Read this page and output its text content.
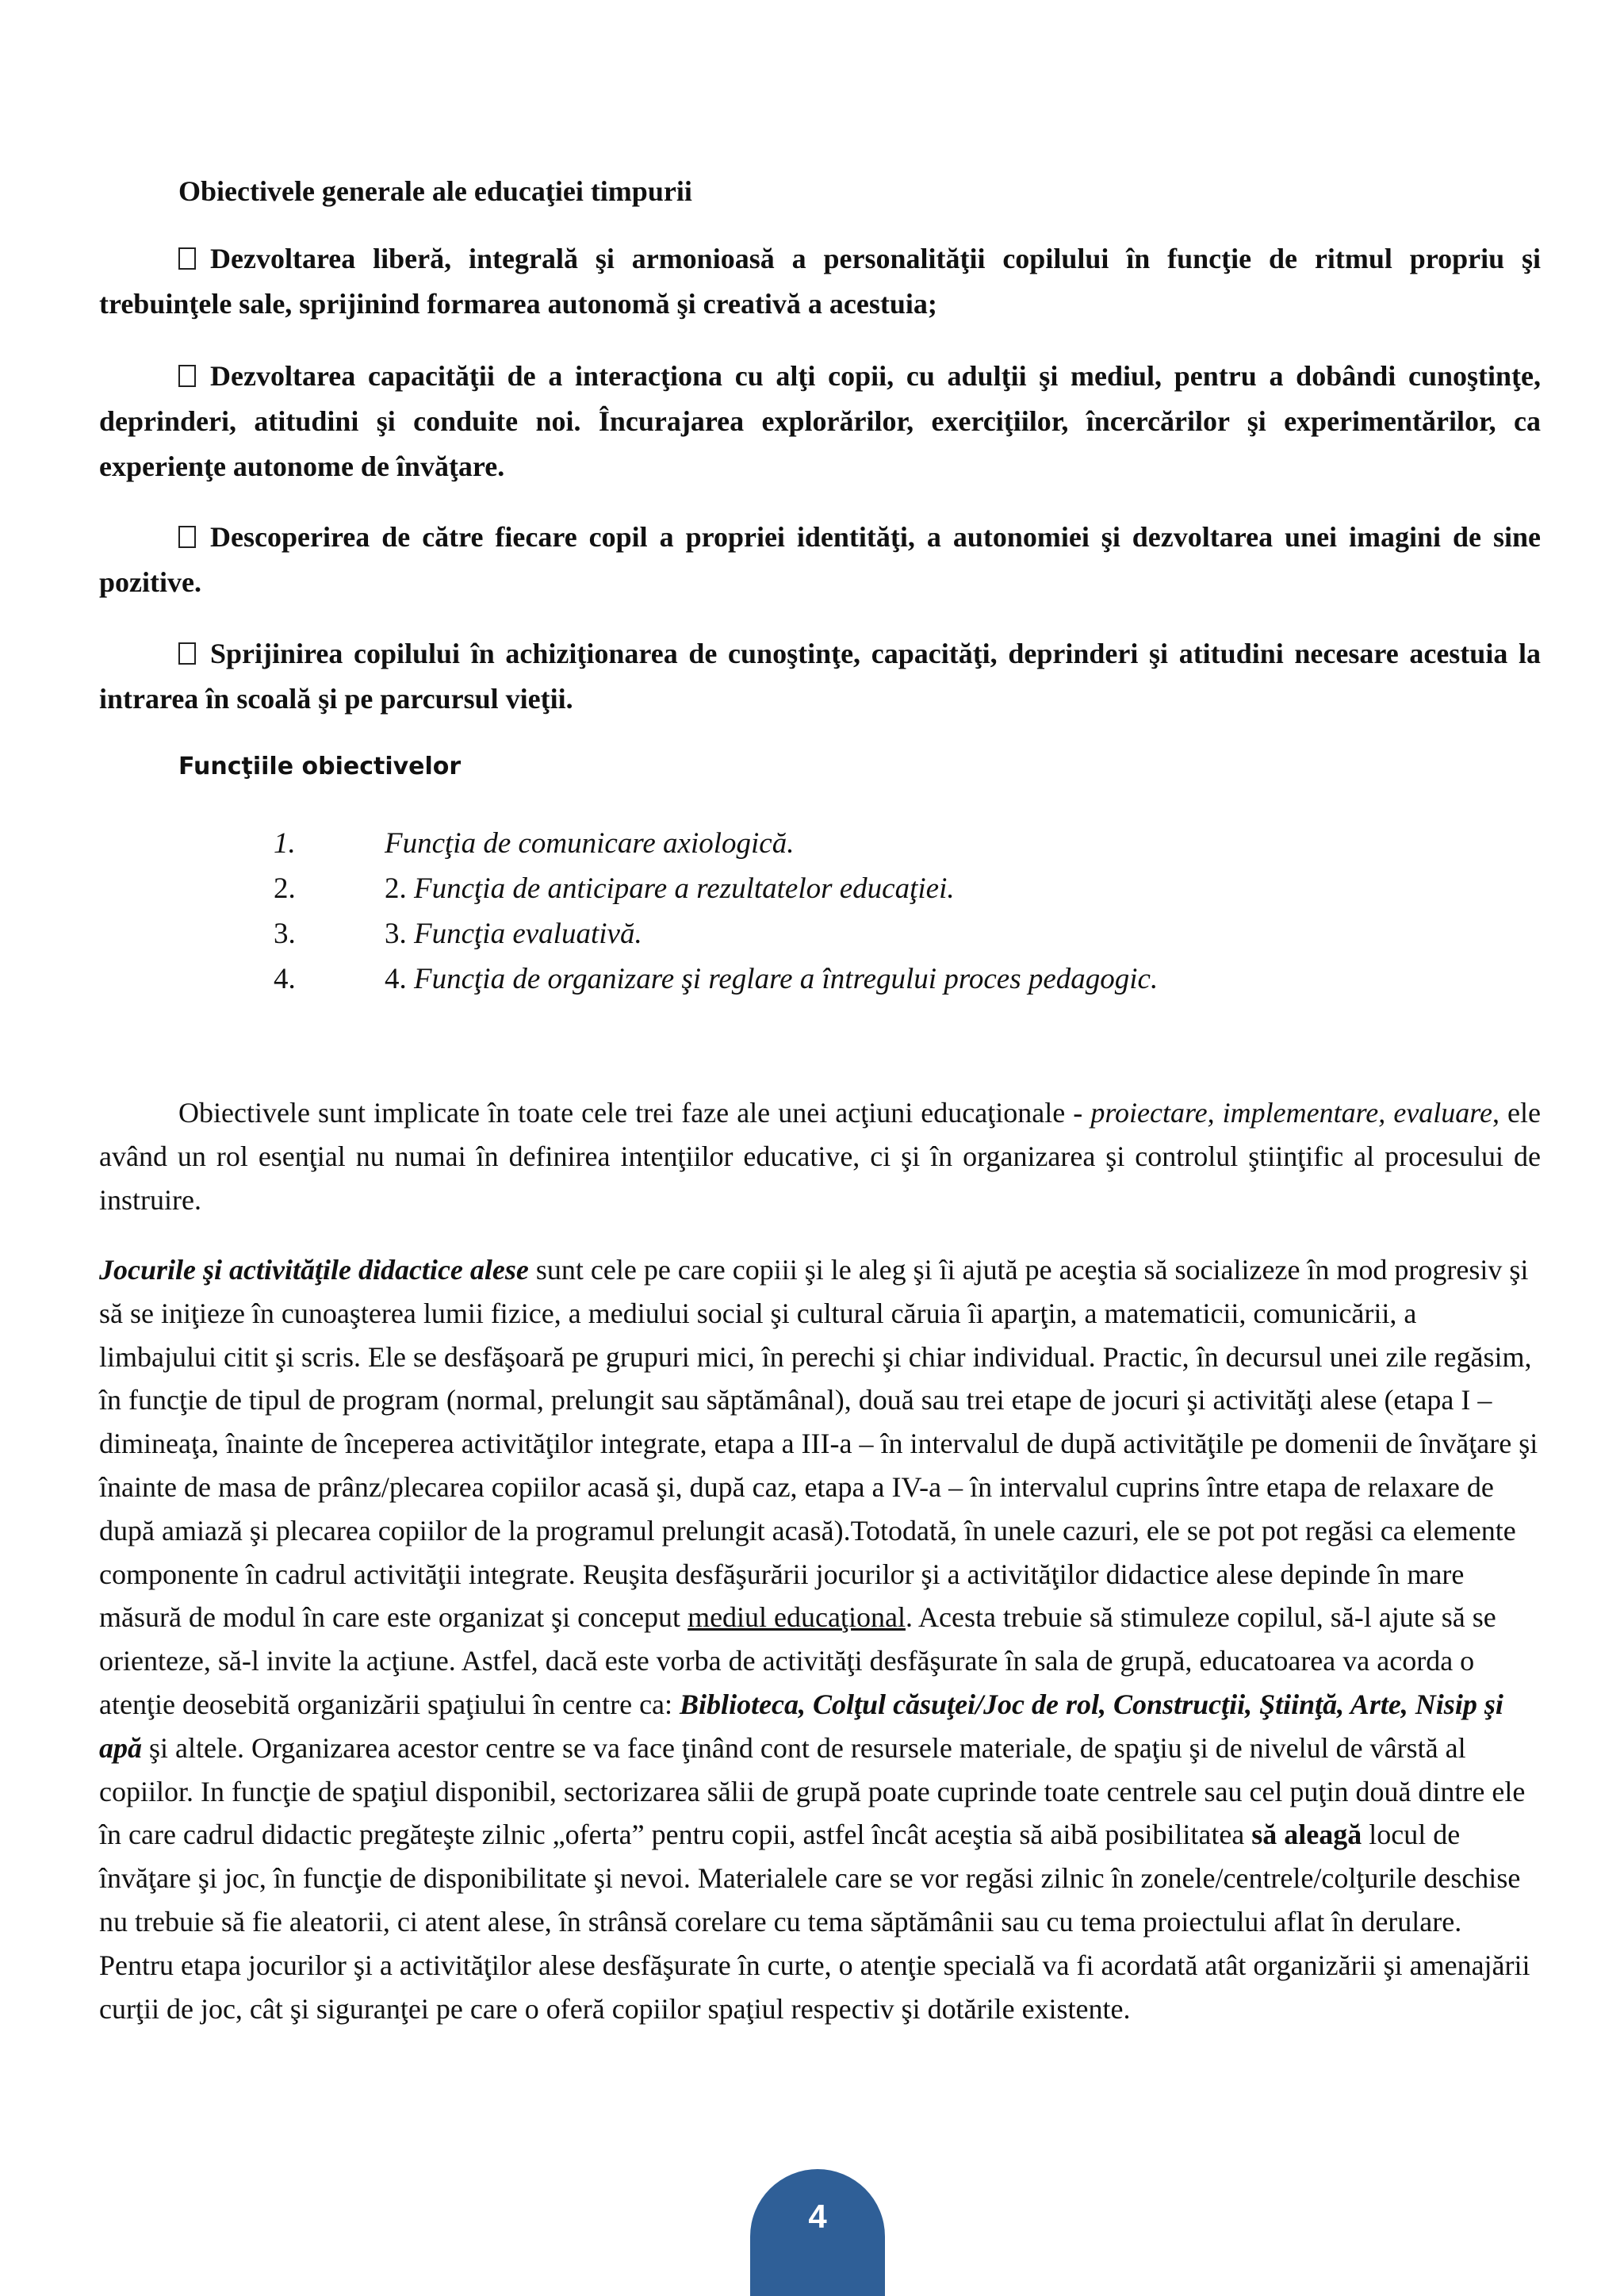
Obiectivele generale ale educaţiei timpurii
Dezvoltarea liberă, integrală şi armonioasă a personalităţii copilului în funcţie de ritmul propriu şi trebuinţele sale, sprijinind formarea autonomă şi creativă a acestuia;
Dezvoltarea capacităţii de a interacţiona cu alţi copii, cu adulţii şi mediul, pentru a dobândi cunoştinţe, deprinderi, atitudini şi conduite noi. Încurajarea explorărilor, exerciţiilor, încercărilor şi experimentărilor, ca experienţe autonome de învăţare.
Descoperirea de către fiecare copil a propriei identităţi, a autonomiei şi dezvoltarea unei imagini de sine pozitive.
Sprijinirea copilului în achiziţionarea de cunoştinţe, capacităţi, deprinderi şi atitudini necesare acestuia la intrarea în scoală şi pe parcursul vieţii.
Funcţiile obiectivelor
1.	Funcţia de comunicare axiologică.
2.	2. Funcţia de anticipare a rezultatelor educaţiei.
3.	3. Funcţia evaluativă.
4.	4. Funcţia de organizare şi reglare a întregului proces pedagogic.

Obiectivele sunt implicate în toate cele trei faze ale unei acţiuni educaţionale - proiectare, implementare, evaluare, ele având un rol esenţial nu numai în definirea intenţiilor educative, ci şi în organizarea şi controlul ştiinţific al procesului de instruire.

Jocurile şi activităţile didactice alese sunt cele pe care copiii şi le aleg şi îi ajută pe aceştia să socializeze în mod progresiv şi să se iniţieze în cunoaşterea lumii fizice, a mediului social şi cultural căruia îi aparţin, a matematicii, comunicării, a limbajului citit şi scris. Ele se desfăşoară pe grupuri mici, în perechi şi chiar individual. Practic, în decursul unei zile regăsim, în funcţie de tipul de program (normal, prelungit sau săptămânal), două sau trei etape de jocuri şi activităţi alese (etapa I – dimineaţa, înainte de începerea activităţilor integrate, etapa a III-a – în intervalul de după activităţile pe domenii de învăţare şi înainte de masa de prânz/plecarea copiilor acasă şi, după caz, etapa a IV-a – în intervalul cuprins între etapa de relaxare de după amiază şi plecarea copiilor de la programul prelungit acasă).Totodată, în unele cazuri, ele se pot pot regăsi ca elemente componente în cadrul activităţii integrate. Reuşita desfăşurării jocurilor şi a activităţilor didactice alese depinde în mare măsură de modul în care este organizat şi conceput mediul educaţional. Acesta trebuie să stimuleze copilul, să-l ajute să se orienteze, să-l invite la acţiune. Astfel, dacă este vorba de activităţi desfăşurate în sala de grupă, educatoarea va acorda o atenţie deosebită organizării spaţiului în centre ca: Biblioteca, Colţul căsuţei/Joc de rol, Construcţii, Ştiinţă, Arte, Nisip şi apă şi altele. Organizarea acestor centre se va face ţinând cont de resursele materiale, de spaţiu şi de nivelul de vârstă al copiilor. In funcţie de spaţiul disponibil, sectorizarea sălii de grupă poate cuprinde toate centrele sau cel puţin două dintre ele în care cadrul didactic pregăteşte zilnic „oferta” pentru copii, astfel încât aceştia să aibă posibilitatea să aleagă locul de învăţare şi joc, în funcţie de disponibilitate şi nevoi. Materialele care se vor regăsi zilnic în zonele/centrele/colţurile deschise nu trebuie să fie aleatorii, ci atent alese, în strânsă corelare cu tema săptămânii sau cu tema proiectului aflat în derulare. Pentru etapa jocurilor şi a activităţilor alese desfăşurate în curte, o atenţie specială va fi acordată atât organizării şi amenajării curţii de joc, cât şi siguranţei pe care o oferă copiilor spaţiul respectiv şi dotările existente.

4
